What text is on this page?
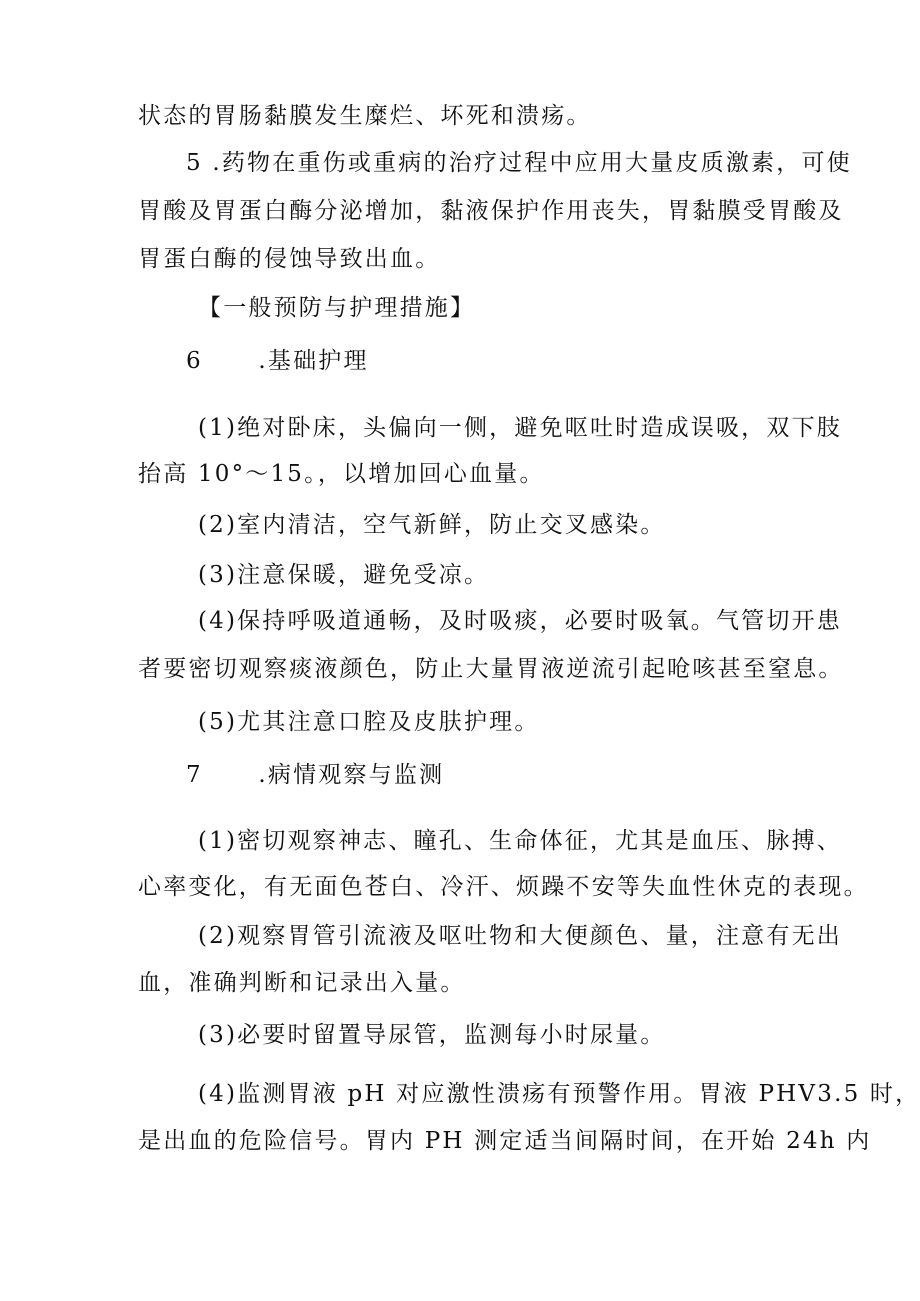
状态的胃肠黏膜发生糜烂、坏死和溃疡。
5 .药物在重伤或重病的治疗过程中应用大量皮质激素，可使
胃酸及胃蛋白酶分泌增加，黏液保护作用丧失，胃黏膜受胃酸及
胃蛋白酶的侵蚀导致出血。
【一般预防与护理措施】
6 .基础护理
(1)绝对卧床，头偏向一侧，避免呕吐时造成误吸，双下肢
抬高 10°～15。，以增加回心血量。
(2)室内清洁，空气新鲜，防止交叉感染。
(3)注意保暖，避免受凉。
(4)保持呼吸道通畅，及时吸痰，必要时吸氧。气管切开患
者要密切观察痰液颜色，防止大量胃液逆流引起呛咳甚至窒息。
(5)尤其注意口腔及皮肤护理。
7 .病情观察与监测
(1)密切观察神志、瞳孔、生命体征，尤其是血压、脉搏、
心率变化，有无面色苍白、冷汗、烦躁不安等失血性休克的表现。
(2)观察胃管引流液及呕吐物和大便颜色、量，注意有无出
血，准确判断和记录出入量。
(3)必要时留置导尿管，监测每小时尿量。
(4)监测胃液 pH 对应激性溃疡有预警作用。胃液 PHV3.5 时，
是出血的危险信号。胃内 PH 测定适当间隔时间，在开始 24h 内
